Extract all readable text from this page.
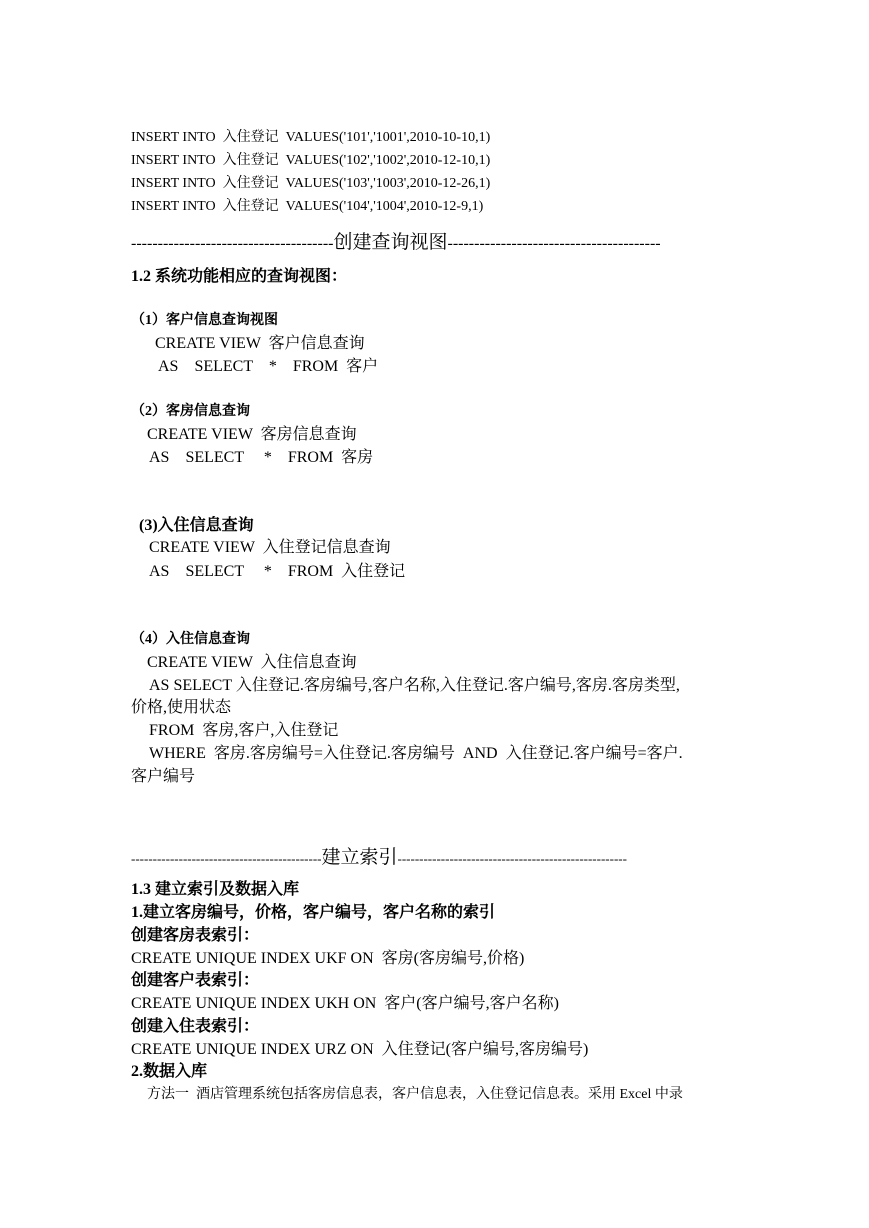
INSERT INTO  入住登记  VALUES('101','1001',2010-10-10,1)
INSERT INTO  入住登记  VALUES('102','1002',2010-12-10,1)
INSERT INTO  入住登记  VALUES('103','1003',2010-12-26,1)
INSERT INTO  入住登记  VALUES('104','1004',2010-12-9,1)
--------------------------------------创建查询视图----------------------------------------
1.2 系统功能相应的查询视图：
（1）客户信息查询视图
CREATE VIEW  客户信息查询
AS    SELECT    *    FROM  客户
（2）客房信息查询
CREATE VIEW  客房信息查询
AS    SELECT     *    FROM  客房
(3)入住信息查询
CREATE VIEW  入住登记信息查询
AS    SELECT     *    FROM  入住登记
（4）入住信息查询
CREATE VIEW  入住信息查询
AS SELECT 入住登记.客房编号,客户名称,入住登记.客户编号,客房.客房类型,
价格,使用状态
FROM  客房,客户,入住登记
WHERE  客房.客房编号=入住登记.客房编号  AND  入住登记.客户编号=客户.
客户编号
--------------------------------------------建立索引-----------------------------------------------------
1.3 建立索引及数据入库
1.建立客房编号，价格，客户编号，客户名称的索引
创建客房表索引：
CREATE UNIQUE INDEX UKF ON  客房(客房编号,价格)
创建客户表索引：
CREATE UNIQUE INDEX UKH ON  客户(客户编号,客户名称)
创建入住表索引：
CREATE UNIQUE INDEX URZ ON  入住登记(客户编号,客房编号)
2.数据入库
方法一  酒店管理系统包括客房信息表，客户信息表，入住登记信息表。采用 Excel 中录
